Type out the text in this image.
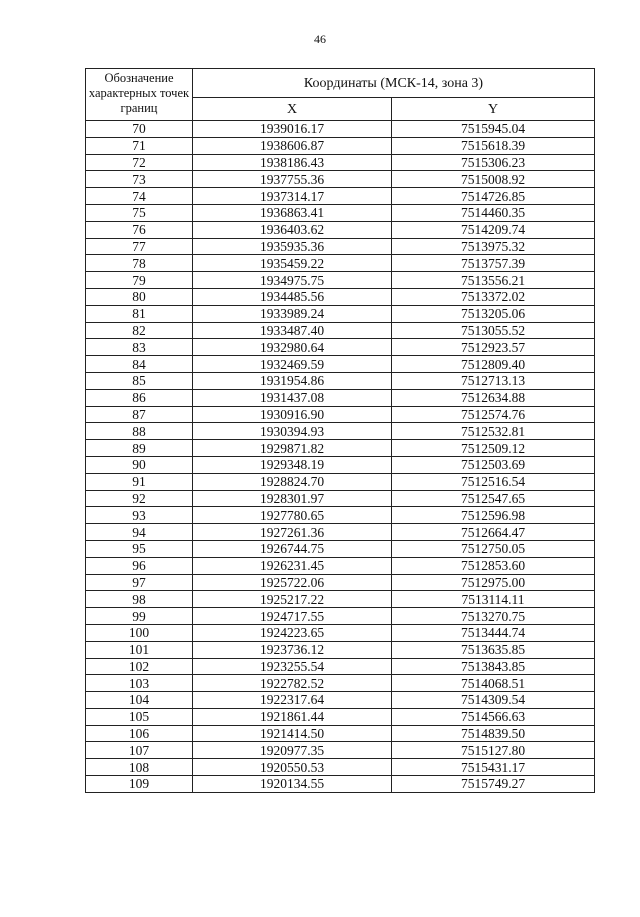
46
Обозначение характерных точек границ	Координаты (МСК-14, зона 3)	
	X	Y
70	1939016.17	7515945.04
71	1938606.87	7515618.39
72	1938186.43	7515306.23
73	1937755.36	7515008.92
74	1937314.17	7514726.85
75	1936863.41	7514460.35
76	1936403.62	7514209.74
77	1935935.36	7513975.32
78	1935459.22	7513757.39
79	1934975.75	7513556.21
80	1934485.56	7513372.02
81	1933989.24	7513205.06
82	1933487.40	7513055.52
83	1932980.64	7512923.57
84	1932469.59	7512809.40
85	1931954.86	7512713.13
86	1931437.08	7512634.88
87	1930916.90	7512574.76
88	1930394.93	7512532.81
89	1929871.82	7512509.12
90	1929348.19	7512503.69
91	1928824.70	7512516.54
92	1928301.97	7512547.65
93	1927780.65	7512596.98
94	1927261.36	7512664.47
95	1926744.75	7512750.05
96	1926231.45	7512853.60
97	1925722.06	7512975.00
98	1925217.22	7513114.11
99	1924717.55	7513270.75
100	1924223.65	7513444.74
101	1923736.12	7513635.85
102	1923255.54	7513843.85
103	1922782.52	7514068.51
104	1922317.64	7514309.54
105	1921861.44	7514566.63
106	1921414.50	7514839.50
107	1920977.35	7515127.80
108	1920550.53	7515431.17
109	1920134.55	7515749.27
